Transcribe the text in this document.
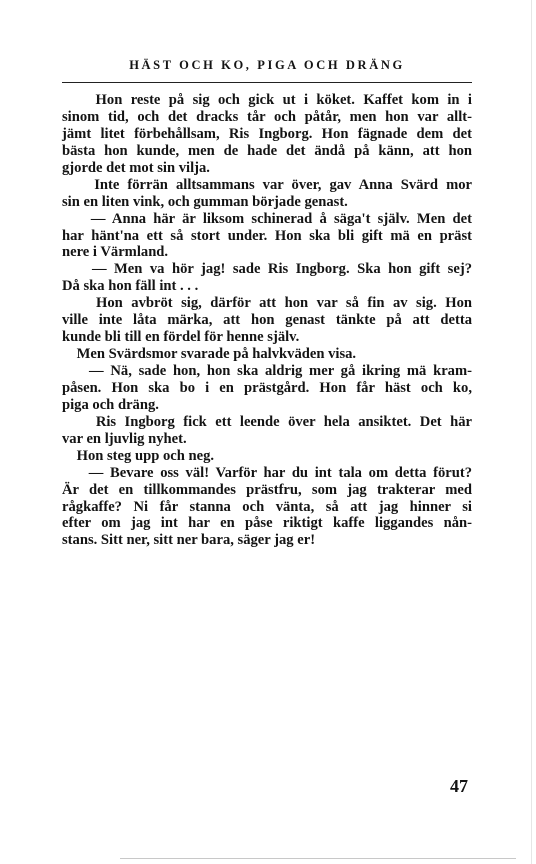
HÄST OCH KO, PIGA OCH DRÄNG
Hon reste på sig och gick ut i köket. Kaffet kom in i
sinom tid, och det dracks tår och påtår, men hon var allt-
jämt litet förbehållsam, Ris Ingborg. Hon fägnade dem det
bästa hon kunde, men de hade det ändå på känn, att hon
gjorde det mot sin vilja.
Inte förrän alltsammans var över, gav Anna Svärd mor
sin en liten vink, och gumman började genast.
— Anna här är liksom schinerad å säga't själv. Men det
har hänt'na ett så stort under. Hon ska bli gift mä en präst
nere i Värmland.
— Men va hör jag! sade Ris Ingborg. Ska hon gift sej?
Då ska hon fäll int . . .
Hon avbröt sig, därför att hon var så fin av sig. Hon
ville inte låta märka, att hon genast tänkte på att detta
kunde bli till en fördel för henne själv.
Men Svärdsmor svarade på halvkväden visa.
— Nä, sade hon, hon ska aldrig mer gå ikring mä kram-
påsen. Hon ska bo i en prästgård. Hon får häst och ko,
piga och dräng.
Ris Ingborg fick ett leende över hela ansiktet. Det här
var en ljuvlig nyhet.
Hon steg upp och neg.
— Bevare oss väl! Varför har du int tala om detta förut?
Är det en tillkommandes prästfru, som jag trakterar med
rågkaffe? Ni får stanna och vänta, så att jag hinner si
efter om jag int har en påse riktigt kaffe liggandes nån-
stans. Sitt ner, sitt ner bara, säger jag er!
47
